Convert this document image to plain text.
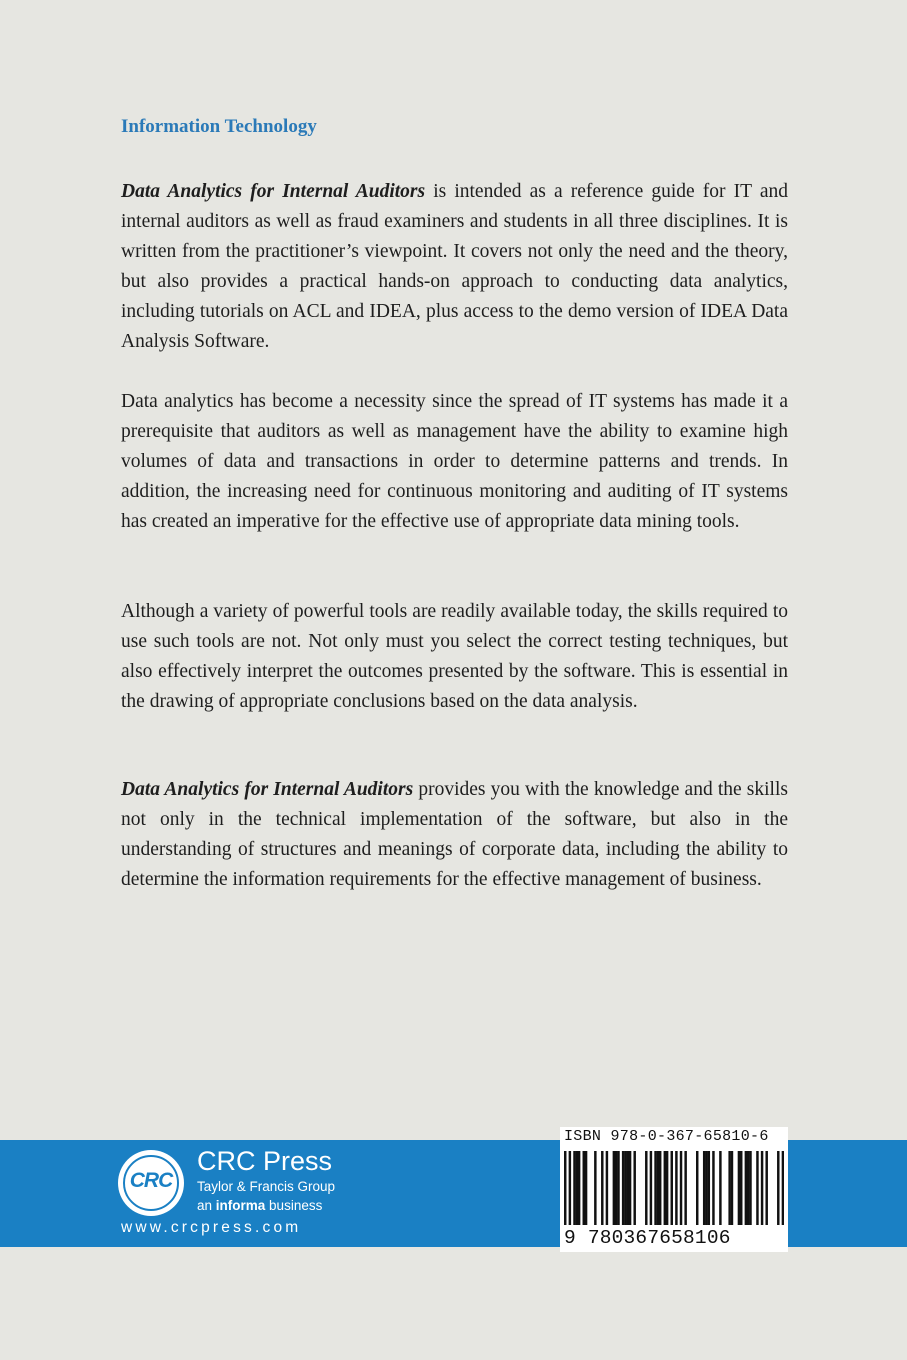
Information Technology
Data Analytics for Internal Auditors is intended as a reference guide for IT and internal auditors as well as fraud examiners and students in all three disciplines. It is written from the practitioner’s viewpoint. It covers not only the need and the theory, but also provides a practical hands-on approach to conducting data analytics, including tutorials on ACL and IDEA, plus access to the demo version of IDEA Data Analysis Software.
Data analytics has become a necessity since the spread of IT systems has made it a prerequisite that auditors as well as management have the ability to examine high volumes of data and transactions in order to determine patterns and trends. In addition, the increasing need for continuous monitoring and auditing of IT systems has created an imperative for the effective use of appropriate data mining tools.
Although a variety of powerful tools are readily available today, the skills required to use such tools are not. Not only must you select the correct testing techniques, but also effectively interpret the outcomes presented by the software. This is essential in the drawing of appropriate conclusions based on the data analysis.
Data Analytics for Internal Auditors provides you with the knowledge and the skills not only in the technical implementation of the software, but also in the understanding of structures and meanings of corporate data, including the ability to determine the information requirements for the effective management of business.
CRC
CRC Press
Taylor & Francis Group
an informa business
www.crcpress.com
ISBN 978-0-367-65810-6
9 780367658106
